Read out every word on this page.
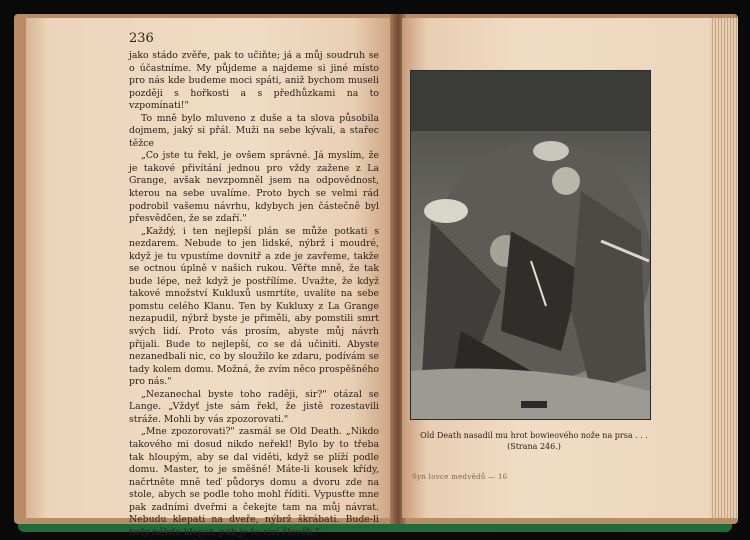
236

jako stádo zvěře, pak to učiňte; já a můj soudruh se o účastníme. My půjdeme a najdeme si jiné místo pro nás kde budeme moci spáti, aniž bychom museli později s hořkosti a s předhůzkami na to vzpomínati!"

To mně bylo mluveno z duše a ta slova působila dojmem, jaký si přál. Muži na sebe kývali, a stařec těžce

„Co jste tu řekl, je ovšem správné. Já myslím, že je takové přivítání jednou pro vždy zažene z La Grange, avšak nevzpomněl jsem na odpovědnost, kterou na sebe uvalíme. Proto bych se velmi rád podrobil vašemu návrhu, kdybych jen částečně byl přesvědčen, že se zdaří."

„Každý, i ten nejlepší plán se může potkati s nezdarem. Nebude to jen lidské, nýbrž i moudré, když je tu vpustíme dovnitř a zde je zavřeme, takže se octnou úplně v našich rukou. Věřte mně, že tak bude lépe, než když je postřílíme. Uvažte, že když takové množství Kukluxů usmrtíte, uvalíte na sebe pomstu celého Klanu. Ten by Kukluxy z La Grange nezapudil, nýbrž byste je přiměli, aby pomstili smrt svých lidí. Proto vás prosím, abyste můj návrh přijali. Bude to nejlepší, co se dá učiniti. Abyste nezanedbali nic, co by sloužilo ke zdaru, podívám se tady kolem domu. Možná, že zvím něco prospěšného pro nás."

„Nezanechal byste toho raději, sir?" otázal se Lange. „Vždyť jste sám řekl, že jistě rozestavili stráže. Mohli by vás zpozorovati."

„Mne zpozorovati?" zasmál se Old Death. „Nikdo takového mi dosud nikdo neřekl! Bylo by to třeba tak hloupým, aby se dal viděti, když se plíží podle domu. Master, to je směšné! Máte-li kousek křídy, načrtněte mně teď půdorys domu a dvoru zde na stole, abych se podle toho mohl říditi. Vypusťte mne pak zadními dveřmi a čekejte tam na můj návrat. Nebudu klepati na dveře, nýbrž škrábati. Bude-li tedy někdo klepat, pak je to cizí člověk."

Old Death nasadil mu hrot bowieového nože na prsa . . .
(Strana 246.)
Syn lovce medvědů — 16
